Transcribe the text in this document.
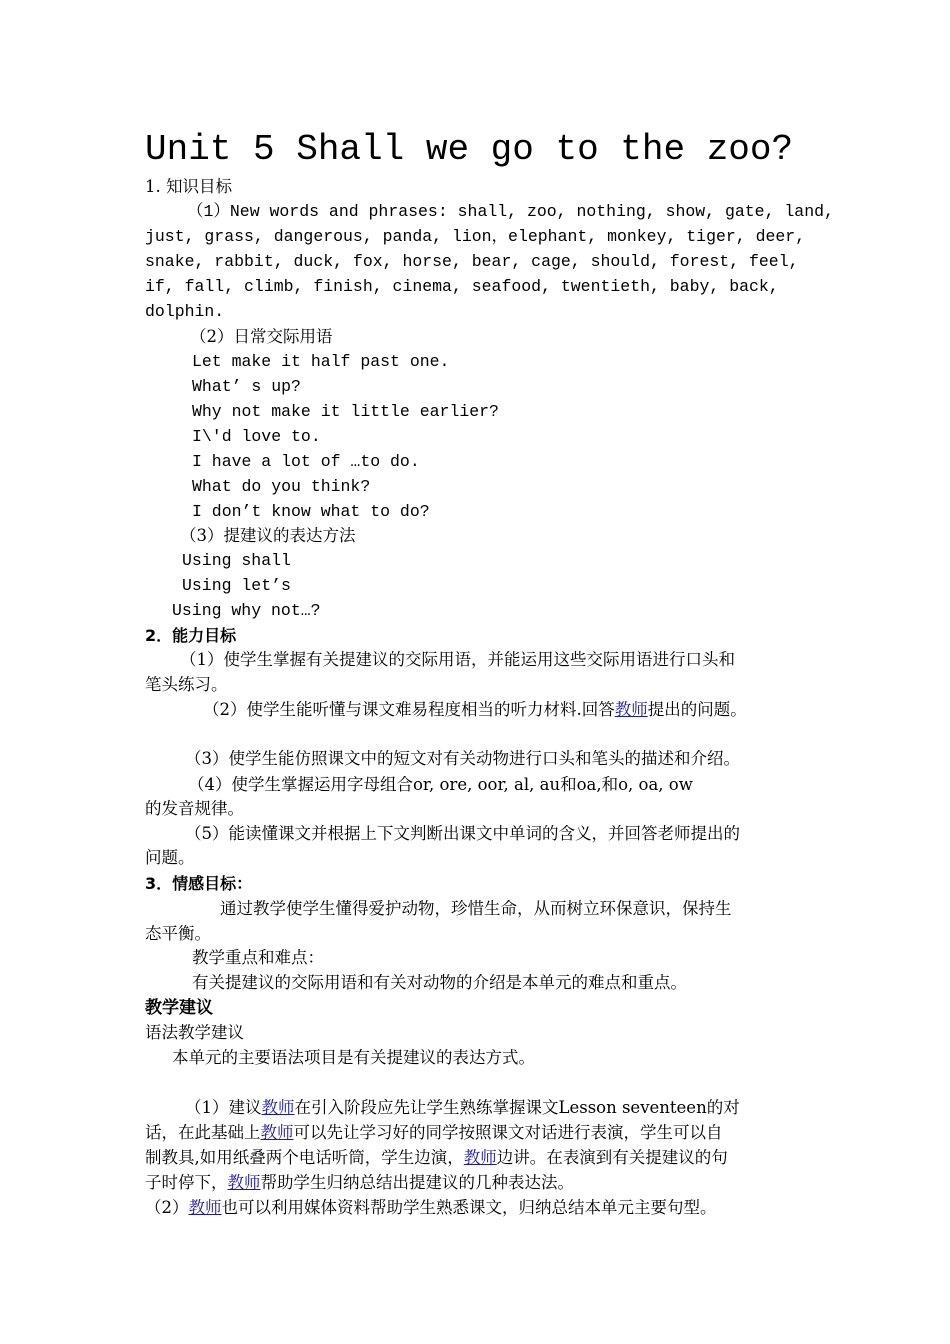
Unit 5 Shall we go to the zoo?
1. 知识目标
（1）New words and phrases: shall, zoo, nothing, show, gate, land,
just, grass, dangerous, panda, lion，elephant, monkey, tiger, deer,
snake, rabbit, duck, fox, horse, bear, cage, should, forest, feel,
if, fall, climb, finish, cinema, seafood, twentieth, baby, back,
dolphin.
（2）日常交际用语
Let make it half past one.
What’ s up?
Why not make it little earlier?
I\'d love to.
I have a lot of …to do.
What do you think?
I don’t know what to do?
（3）提建议的表达方法
Using shall
Using let’s
Using why not…?
2．能力目标
（1）使学生掌握有关提建议的交际用语，并能运用这些交际用语进行口头和
笔头练习。
（2）使学生能听懂与课文难易程度相当的听力材料.回答教师提出的问题。
（3）使学生能仿照课文中的短文对有关动物进行口头和笔头的描述和介绍。
（4）使学生掌握运用字母组合or, ore, oor, al, au和oa,和o, oa, ow
的发音规律。
（5）能读懂课文并根据上下文判断出课文中单词的含义，并回答老师提出的
问题。
3．情感目标：
通过教学使学生懂得爱护动物，珍惜生命，从而树立环保意识，保持生
态平衡。
教学重点和难点：
有关提建议的交际用语和有关对动物的介绍是本单元的难点和重点。
教学建议
语法教学建议
本单元的主要语法项目是有关提建议的表达方式。
（1）建议教师在引入阶段应先让学生熟练掌握课文Lesson seventeen的对
话，在此基础上教师可以先让学习好的同学按照课文对话进行表演，学生可以自
制教具,如用纸叠两个电话听筒，学生边演，教师边讲。在表演到有关提建议的句
子时停下，教师帮助学生归纳总结出提建议的几种表达法。
（2）教师也可以利用媒体资料帮助学生熟悉课文，归纳总结本单元主要句型。
